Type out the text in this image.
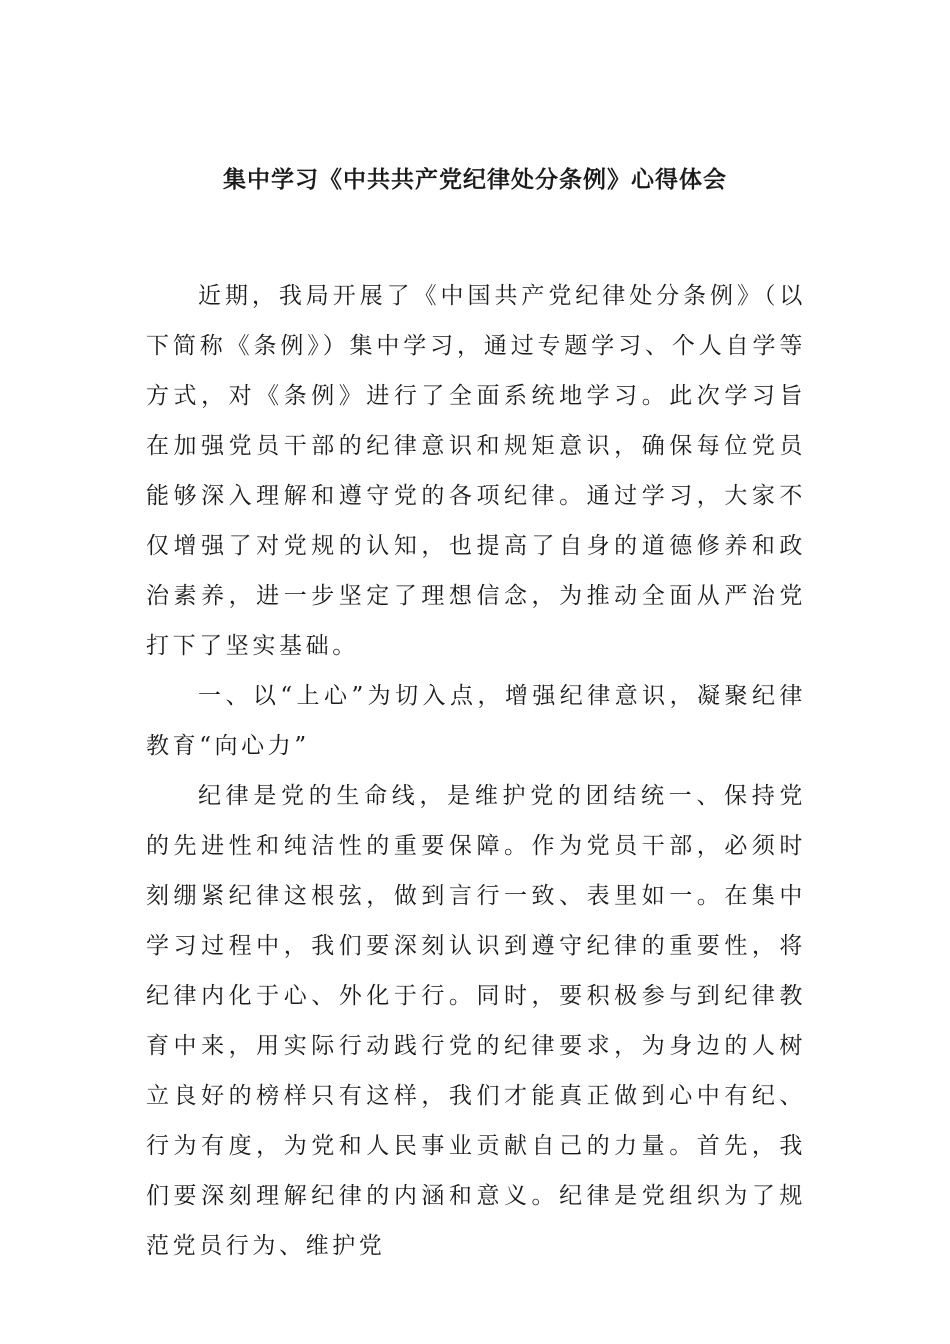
集中学习《中共共产党纪律处分条例》心得体会

近期，我局开展了《中国共产党纪律处分条例》（以下简称《条例》）集中学习，通过专题学习、个人自学等方式，对《条例》进行了全面系统地学习。此次学习旨在加强党员干部的纪律意识和规矩意识，确保每位党员能够深入理解和遵守党的各项纪律。通过学习，大家不仅增强了对党规的认知，也提高了自身的道德修养和政治素养，进一步坚定了理想信念，为推动全面从严治党打下了坚实基础。

一、以“上心”为切入点，增强纪律意识，凝聚纪律教育“向心力”

纪律是党的生命线，是维护党的团结统一、保持党的先进性和纯洁性的重要保障。作为党员干部，必须时刻绷紧纪律这根弦，做到言行一致、表里如一。在集中学习过程中，我们要深刻认识到遵守纪律的重要性，将纪律内化于心、外化于行。同时，要积极参与到纪律教育中来，用实际行动践行党的纪律要求，为身边的人树立良好的榜样只有这样，我们才能真正做到心中有纪、行为有度，为党和人民事业贡献自己的力量。首先，我们要深刻理解纪律的内涵和意义。纪律是党组织为了规范党员行为、维护党
